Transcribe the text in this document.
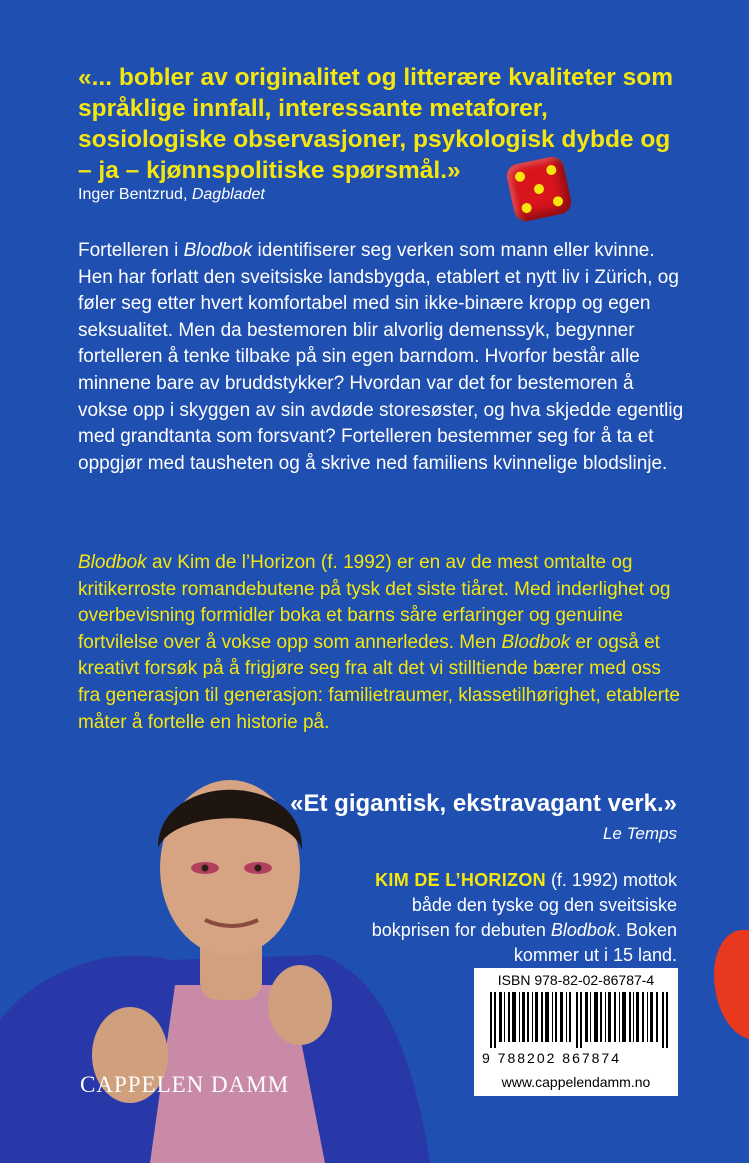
«... bobler av originalitet og litterære kvaliteter som språklige innfall, interessante metaforer, sosiologiske observasjoner, psykologisk dybde og – ja – kjønnspolitiske spørsmål.»

Inger Bentzrud, Dagbladet

Fortelleren i Blodbok identifiserer seg verken som mann eller kvinne. Hen har forlatt den sveitsiske landsbygda, etablert et nytt liv i Zürich, og føler seg etter hvert komfortabel med sin ikke-binære kropp og egen seksualitet. Men da bestemoren blir alvorlig demenssyk, begynner fortelleren å tenke tilbake på sin egen barndom. Hvorfor består alle minnene bare av bruddstykker? Hvordan var det for bestemoren å vokse opp i skyggen av sin avdøde storesøster, og hva skjedde egentlig med grandtanta som forsvant? Fortelleren bestemmer seg for å ta et oppgjør med tausheten og å skrive ned familiens kvinnelige blodslinje.

Blodbok av Kim de l’Horizon (f. 1992) er en av de mest omtalte og kritikerroste romandebutene på tysk det siste tiåret. Med inderlighet og overbevisning formidler boka et barns såre erfaringer og genuine fortvilelse over å vokse opp som annerledes. Men Blodbok er også et kreativt forsøk på å frigjøre seg fra alt det vi stilltiende bærer med oss fra generasjon til generasjon: familietraumer, klassetilhørighet, etablerte måter å fortelle en historie på.

«Et gigantisk, ekstravagant verk.»
Le Temps

KIM DE L’HORIZON (f. 1992) mottok både den tyske og den sveitsiske bokprisen for debuten Blodbok. Boken kommer ut i 15 land.

CAPPELEN DAMM
ISBN 978-82-02-86787-4
9 788202 867874
www.cappelendamm.no
